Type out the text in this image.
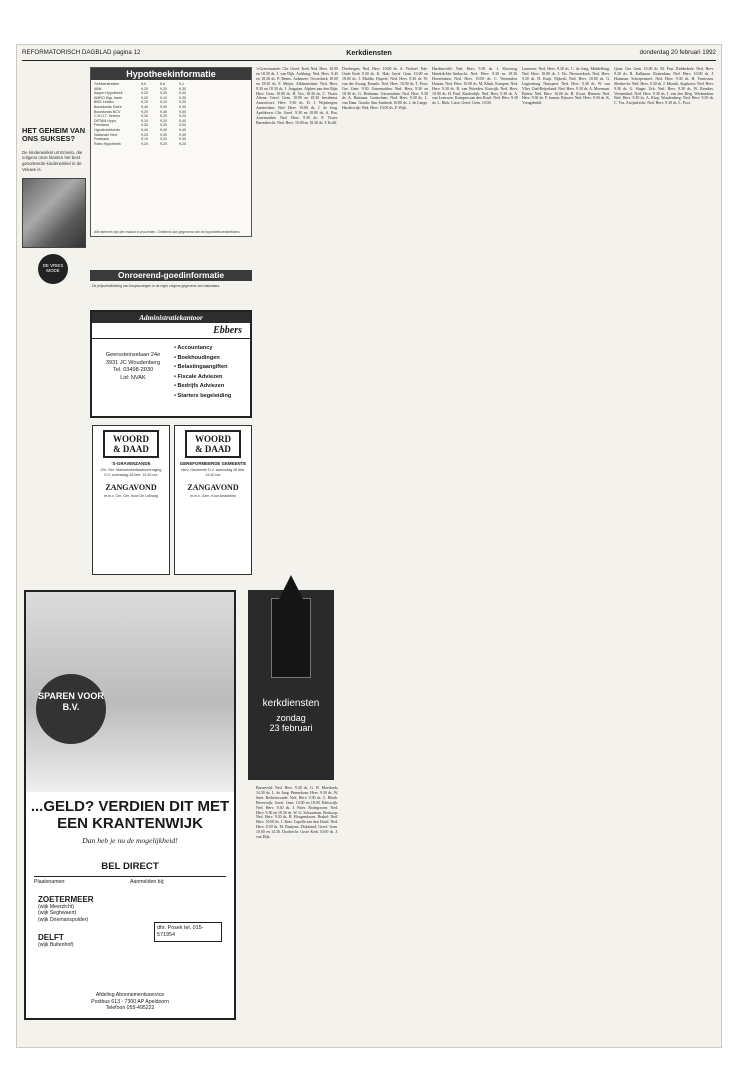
REFORMATORISCH DAGBLAD pagina 12	Kerkdiensten	donderdag 20 februari 1992
HET GEHEIM VAN ONS SUKSES?
De kinderwinkel uit Ermelo, die volgens onze klanten het best gesorteerde kinderwinkel in de Veluwe is.
DE VRIES MODE
Hypotheekinformatie
Geldverstrekker	5,0	8,8	9,1
ABN	9,20	9,20	9,30
Aegon Hypotheek	9,20	9,30	9,40
AMRO Hyp. bank	9,20	9,10	9,30
BNG Leiden	9,10	9,20	9,30
Bouwfonds Gelre	9,40	9,30	9,30
Bouwfonds NCV	9,20	9,40	9,50
C.H.U.T. Vereno	9,30	9,20	9,20
DETAM Hypo.	9,10	9,20	9,40
Friesland	9,30	9,30	9,30
Hypotheekfonds	9,40	9,40	9,40
Nationale Ned.	9,20	9,30	9,30
Postbank	9,10	9,20	9,30
Rabo Hypotheek	9,20	9,20	9,20
Alle tarieven zijn per maand in procenten. Ontleend aan gegevens van de hypotheekverstrekkers.
Onroerend-goedinformatie
De prijsontwikkeling van koopwoningen in de regio volgens gegevens van makelaars.
Administratiekantoor
Ebbers
Geerssteinselaan 24e
3931 JC Woudenberg
Tel. 03498-2030
Lid: NVAK
• Accountancy
• Boekhoudingen
• Belastingaangiften
• Fiscale Adviezen
• Bedrijfs Adviezen
• Starters begeleiding
WOORD
& DAAD
'S-GRAVENZANDE
Chr. Ger. Manneenbedlaarsvereniging D.V. woensdag 26 febr. 19.30 uur
ZANGAVOND
m.m.v. Chr. Ger. Koor De Lofzang
WOORD
& DAAD
GEREFORMEERDE GEMEENTE
Herv. Gemeente D.V. woensdag 26 febr. 19.30 uur
ZANGAVOND
m.m.v. Gem. Koor Andantino
SPAREN VOOR B.V.
...GELD? VERDIEN DIT MET EEN KRANTENWIJK
Dan heb je nu de mogelijkheid!
BEL DIRECT
Plaatsnamen:	Aanmelden bij:
ZOETERMEER
(wijk Meerzicht)
(wijk Seghwaert)
(wijk Driemanspolder)
DELFT
(wijk Buitenhof)
dhr. Posek tel. 015-571954
Afdeling Abonnementsservice
Postbus 613 - 7300 AP Apeldoorn
Telefoon 055-495222
kerkdiensten
zondag
23 februari

's-Gravenzande: Chr. Geref. Kerk Ned. Herv. 10.00 en 18.30 ds. J. van Dijk. Aalsburg: Ned. Herv. 9.45 en 18.30 ds. P. Beens. Aalsmeer: Oosterkerk 10.00 en 18.30 ds. F. Meijer. Alblasserdam: Ned. Herv. 9.30 en 18.30 ds. J. Jongejan. Alphen aan den Rijn: Herv. Gem. 10.00 ds. H. Vos; 18.30 ds. C. Visser. Altena: Geref. Gem. 10.00 en 18.30 leesdienst. Amersfoort: Herv. 9.30 ds. D. J. Wijnbergen. Amsterdam: Ned. Herv. 10.00 ds. J. de Jong. Apeldoorn: Chr. Geref. 9.30 en 18.00 ds. A. Bos. Arnemuiden: Ned. Herv. 9.30 ds. P. Visser. Barendrecht: Ned. Herv. 10.00 en 18.30 ds. J. Kolff.

Barneveld: Ned. Herv. 9.30 ds. G. H. Moerkerk; 14.30 ds. L. de Jong. Bennekom: Herv. 9.30 ds. W. Smit. Berkenwoude: Ned. Herv. 9.30 ds. C. Blenk. Beverwijk: Geref. Gem. 10.00 en 18.00. Bleiswijk: Ned. Herv. 9.30 ds. J. Pater. Bodegraven: Ned. Herv. 9.30 en 18.30 ds. W. G. Schuurman. Boskoop: Ned. Herv. 9.30 ds. H. Hoogendoorn. Brakel: Ned. Herv. 10.00 ds. J. Boer. Capelle aan den IJssel: Ned. Herv. 9.30 ds. M. Baaijens. Dirksland: Geref. Gem. 10.00 en 14.30. Dordrecht: Grote Kerk 10.00 ds. J. van Dijk.

Driebergen: Ned. Herv. 10.00 ds. A. Verhoef. Ede: Oude Kerk 9.30 ds. K. Hak; Geref. Gem. 10.00 en 18.00 ds. J. Mulder. Elspeet: Ned. Herv. 9.30 ds. W. van der Zwaag. Ermelo: Ned. Herv. 10.00 ds. T. Poot; Ger. Gem. 9.30. Genemuiden: Ned. Herv. 9.30 en 18.30 ds. G. Beekman. Giessendam: Ned. Herv. 9.30 ds. A. Hartman. Gorinchem: Ned. Herv. 9.30 ds. L. van Dam. Gouda: Sint-Janskerk 10.00 ds. J. de Lange. Harderwijk: Ned. Herv. 10.00 ds. P. Wijk.

Hardinxveld: Ned. Herv. 9.30 ds. J. Slootweg. Hendrik-Ido-Ambacht: Ned. Herv. 9.30 en 18.30. Hoevelaken: Ned. Herv. 10.00 ds. C. Vermeulen. Huizen: Ned. Herv. 10.00 ds. M. Klink. Kampen: Ned. Herv. 9.30 ds. R. van Woerden. Katwijk: Ned. Herv. 10.00 ds. H. Paul. Kinderdijk: Ned. Herv. 9.30 ds. A. van Leeuwen. Krimpen aan den IJssel: Ned. Herv. 9.30 ds. L. Blok. Lisse: Geref. Gem. 10.00.

Lunteren: Ned. Herv. 9.30 ds. C. de Jong. Middelburg: Ned. Herv. 10.00 ds. J. Vis. Nieuwerkerk: Ned. Herv. 9.30 ds. H. Kuijt. Nijkerk: Ned. Herv. 10.00 ds. G. Lugtenburg. Nunspeet: Ned. Herv. 9.30 ds. W. van Vliet. Oud-Beijerland: Ned. Herv. 9.30 ds. A. Moerman. Putten: Ned. Herv. 10.00 ds. B. Zwart. Rhenen: Ned. Herv. 9.30 ds. P. Jansen. Rijssen: Ned. Herv. 9.30 ds. K. Vreugdenhil.

Quist. Ger. Gem. 10.00 ds. M. Post. Ridderkerk: Ned. Herv. 9.30 ds. R. Kalkman. Rotterdam: Ned. Herv. 10.00 ds. J. Huisman. Scherpenzeel: Ned. Herv. 9.30 ds. H. Teunissen. Sliedrecht: Ned. Herv. 9.30 ds. J. Mourik. Staphorst: Ned. Herv. 9.30 ds. G. Slager. Urk: Ned. Herv. 9.30 ds. W. Romkes. Veenendaal: Ned. Herv. 9.30 ds. J. van den Berg. Werkendam: Ned. Herv. 9.30 ds. A. Klop. Woudenberg: Ned. Herv. 9.30 ds. C. Vos. Zwijndrecht: Ned. Herv. 9.30 ds. L. Poot.
